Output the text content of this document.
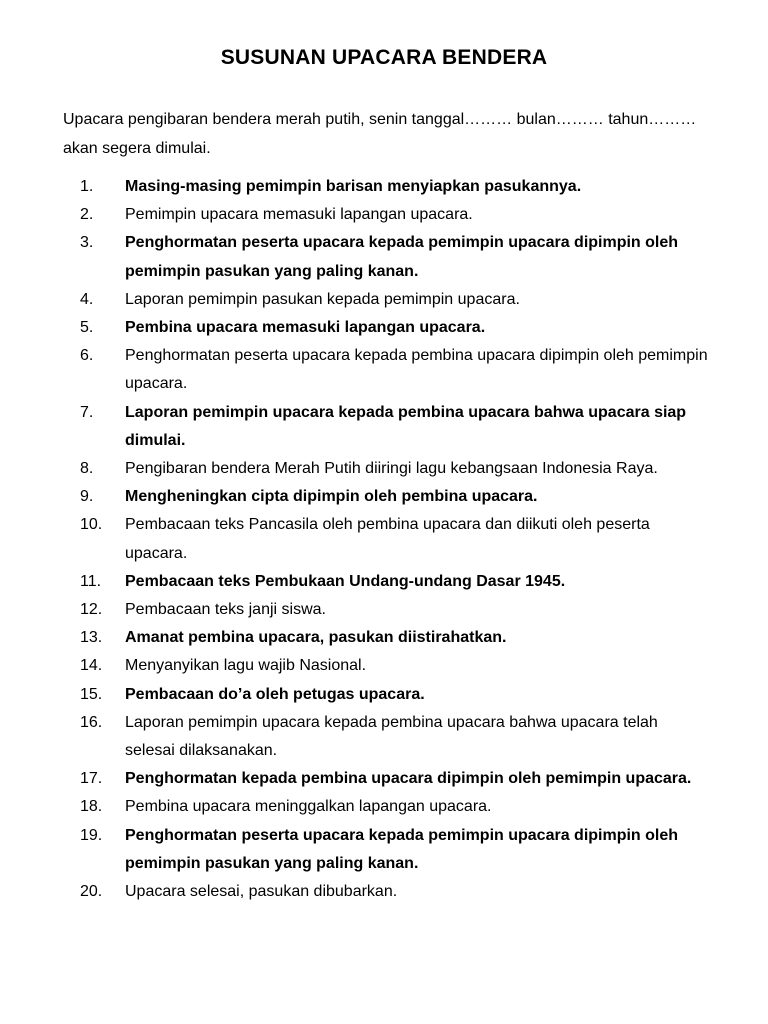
SUSUNAN UPACARA BENDERA
Upacara pengibaran bendera merah putih, senin tanggal……… bulan……… tahun……… akan segera dimulai.
1.	Masing-masing pemimpin barisan menyiapkan pasukannya.
2.	Pemimpin upacara memasuki lapangan upacara.
3.	Penghormatan peserta upacara kepada pemimpin upacara dipimpin oleh pemimpin pasukan yang paling kanan.
4.	Laporan pemimpin pasukan kepada pemimpin upacara.
5.	Pembina upacara memasuki lapangan upacara.
6.	Penghormatan peserta upacara kepada pembina upacara dipimpin oleh pemimpin upacara.
7.	Laporan pemimpin upacara kepada pembina upacara bahwa upacara siap dimulai.
8.	Pengibaran bendera Merah Putih diiringi lagu kebangsaan Indonesia Raya.
9.	Mengheningkan cipta dipimpin oleh pembina upacara.
10.	Pembacaan teks Pancasila oleh pembina upacara dan diikuti oleh peserta upacara.
11.	Pembacaan teks Pembukaan Undang-undang Dasar 1945.
12.	Pembacaan teks janji siswa.
13.	Amanat pembina upacara, pasukan diistirahatkan.
14.	Menyanyikan lagu wajib Nasional.
15.	Pembacaan do’a oleh petugas upacara.
16.	Laporan pemimpin upacara kepada pembina upacara bahwa upacara telah selesai dilaksanakan.
17.	Penghormatan kepada pembina upacara dipimpin oleh pemimpin upacara.
18.	Pembina upacara meninggalkan lapangan upacara.
19.	Penghormatan peserta upacara kepada pemimpin upacara dipimpin oleh pemimpin pasukan yang paling kanan.
20.	Upacara selesai, pasukan dibubarkan.
